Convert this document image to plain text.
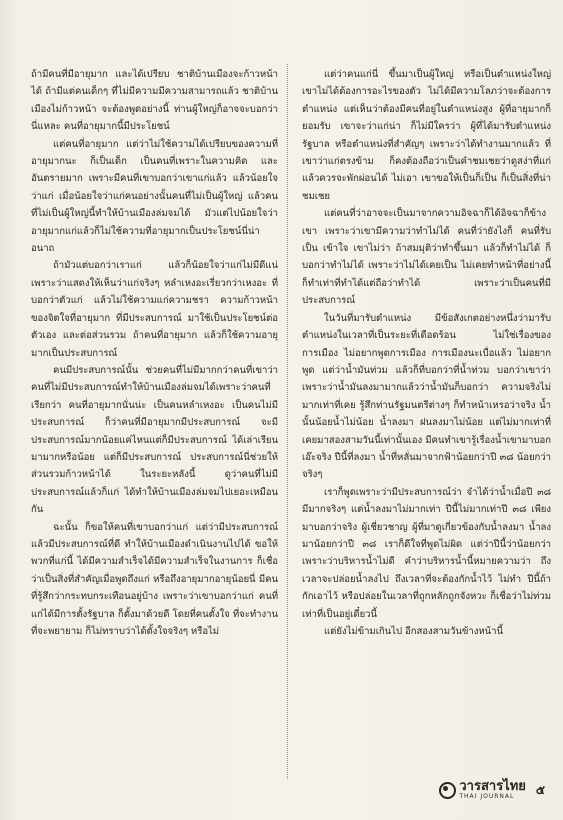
ถ้ามีคนที่มีอายุมาก และได้เปรียบ ชาติบ้านเมืองจะก้าวหน้าได้ ถ้ามีแต่คนเด็กๆ ที่ไม่มีความมีความสามารถแล้ว ชาติบ้านเมืองไม่ก้าวหน้า จะต้องพูดอย่างนี้ ท่านผู้ใหญ่ก็อาจจะบอกว่า นี่แหละ คนที่อายุมากนี้มีประโยชน์

แต่คนที่อายุมาก แต่ว่าไม่ใช้ความได้เปรียบของความที่อายุมากนะ ก็เป็นเด็ก เป็นคนที่เพราะในความคิด และอันตรายมาก เพราะมีคนที่เขาบอกว่าเขาแก่แล้ว แล้วน้อยใจว่าแก่ เมื่อน้อยใจว่าแก่คนอย่างนั้นคนที่ไม่เป็นผู้ใหญ่ แล้วคนที่ไม่เป็นผู้ใหญ่นี้ทำให้บ้านเมืองล่มจมได้ มัวแต่ไปน้อยใจว่าอายุมากแก่แล้วก็ไม่ใช้ความที่อายุมากเป็นประโยชน์นี่น่าอนาถ

ถ้ามัวแต่บอกว่าเราแก่ แล้วก็น้อยใจว่าแก่ไม่มีดีแน่ เพราะว่าแสดงให้เห็นว่าแก่จริงๆ หลำเหงอะเรี่ยวกว่าเหงอะ ที่บอกว่าตัวแก่ แล้วไม่ใช้ความแก่ความชรา ความก้าวหน้าของจิตใจที่อายุมาก ที่มีประสบการณ์ มาใช้เป็นประโยชน์ต่อตัวเอง และต่อส่วนรวม ถ้าคนที่อายุมาก แล้วก็ใช้ความอายุมากเป็นประสบการณ์

คนมีประสบการณ์นั้น ช่วยคนที่ไม่มีมากกว่าคนที่เขาว่า คนที่ไม่มีประสบการณ์ทำให้บ้านเมืองล่มจมได้เพราะว่าคนที่เรียกว่า คนที่อายุมากนั่นน่ะ เป็นคนหลำเหงอะ เป็นคนไม่มีประสบการณ์ ก็ว่าคนที่มีอายุมากมีประสบการณ์ จะมีประสบการณ์มากน้อยแค่ไหนแต่ก็มีประสบการณ์ ได้เล่าเรียนมามากหรือน้อย แต่ก็มีประสบการณ์ ประสบการณ์นี่ช่วยให้ส่วนรวมก้าวหน้าได้ ในระยะหลังนี้ ดูว่าคนที่ไม่มีประสบการณ์แล้วก็แก่ ได้ทำให้บ้านเมืองล่มจมไปเยอะเหมือนกัน

ฉะนั้น ก็ขอให้คนที่เขาบอกว่าแก่ แต่ว่ามีประสบการณ์ แล้วมีประสบการณ์ที่ดี ทำให้บ้านเมืองดำเนินงานไปได้ ขอให้พวกที่แก่นี้ ได้มีความสำเร็จได้มีความสำเร็จในงานการ ก็เชื่อว่าเป็นสิ่งที่สำคัญเมื่อพูดถึงแก่ หรือถึงอายุมากอายุน้อยนี่ มีคนที่รู้สึกว่ากระทบกระเทือนอยู่บ้าง เพราะว่าเขาบอกว่าแก่ คนที่แก่ได้มีการตั้งรัฐบาล ก็ตั้งมาด้วยดี โดยที่คนตั้งใจ ที่จะทำงาน ที่จะพยายาม ก็ไม่ทราบว่าได้ตั้งใจจริงๆ หรือไม่

แต่ว่าคนแก่นี่ ขึ้นมาเป็นผู้ใหญ่ หรือเป็นตำแหน่งใหญ่ เขาไม่ได้ต้องการอะไรของตัว ไม่ได้มีความโลภว่าจะต้องการตำแหน่ง แต่เห็นว่าต้องมีคนที่อยู่ในตำแหน่งสูง ผู้ที่อายุมากก็ยอมรับ เขาจะว่าแก่น่า ก็ไม่มีใครว่า ผู้ที่ได้มารับตำแหน่งรัฐบาล หรือตำแหน่งที่สำคัญๆ เพราะว่าได้ทำงานมากแล้ว ที่เขาว่าแก่ตรงข้าม ก็คงต้องถือว่าเป็นคำชมเชยว่าดูสง่าที่แก่แล้วควรจะพักผ่อนได้ ไม่เอา เขาขอให้เป็นก็เป็น ก็เป็นสิ่งที่น่าชมเชย

แต่คนที่ว่าอาจจะเป็นมาจากความอิจฉาก็ได้อิจฉาก็ข้างเขา เพราะว่าเขามีความว่าทำไม่ได้ คนที่ว่ายังไงก็ คนที่รับเป็น เข้าใจ เขาไม่ว่า ถ้าสมมุติว่าทำขึ้นมา แล้วก็ทำไม่ได้ ก็บอกว่าทำไม่ได้ เพราะว่าไม่ได้เคยเป็น ไม่เคยทำหน้าที่อย่างนี้ ก็ทำเท่าที่ทำได้แต่ถือว่าทำได้ เพราะว่าเป็นคนที่มีประสบการณ์

ในวันที่มารับตำแหน่ง มีข้อสังเกตอย่างหนึ่งว่ามารับตำแหน่งในเวลาที่เป็นระยะที่เดือดร้อน ไม่ใช่เรื่องของการเมือง ไม่อยากพูดการเมือง การเมืองนะเบื่อแล้ว ไม่อยากพูด แต่ว่าน้ำมันท่วม แล้วก็ที่บอกว่าที่น้ำท่วม บอกว่าเขาว่าเพราะว่าน้ำมันลงมามากแล้วว่าน้ำมันก็บอกว่า ความจริงไม่มากเท่าที่เคย รู้สึกท่านรัฐมนตรีต่างๆ ก็ทำหน้าเหรอว่าจริง น้ำนั้นน้อยน้ำไม่น้อย น้ำลงมา ฝนลงมาไม่น้อย แต่ไม่มากเท่าที่เคยมาสองสามวันนี้เท่านั้นเอง มีคนทำเขารู้เรื่องน้ำเขามาบอก เอ๊ะจริง ปีนี้ที่ลงมา น้ำที่หลั่นมาจากฟ้าน้อยกว่าปี ๓๘ น้อยกว่าจริงๆ

เราก็พูดเพราะว่ามีประสบการณ์ว่า จำได้ว่าน้ำเมื่อปี ๓๘ มีมากจริงๆ แต่น้ำลงมาไม่มากเท่า ปีนี้ไม่มากเท่าปี ๓๘ เพียงมาบอกว่าจริง ผู้เชี่ยวชาญ ผู้ที่มาดูเกี่ยวข้องกับน้ำลงมา น้ำลงมาน้อยกว่าปี ๓๘ เราก็ดีใจที่พูดไม่ผิด แต่ว่าปีนี้ว่าน้อยกว่า เพราะว่าบริหารน้ำไม่ดี คำว่าบริหารน้ำนี้หมายความว่า ถึงเวลาจะปล่อยน้ำลงไป ถึงเวลาที่จะต้องกักน้ำไว้ ไม่ทำ ปีนี้ถ้ากักเอาไว้ หรือปล่อยในเวลาที่ถูกหลักถูกจังหวะ ก็เชื่อว่าไม่ท่วมเท่าที่เป็นอยู่เดี๋ยวนี้

แต่ยังไม่ข้ามเกินไป อีกสองสามวันข้างหน้านี้

วารสารไทย
THAI JOURNAL	๕
